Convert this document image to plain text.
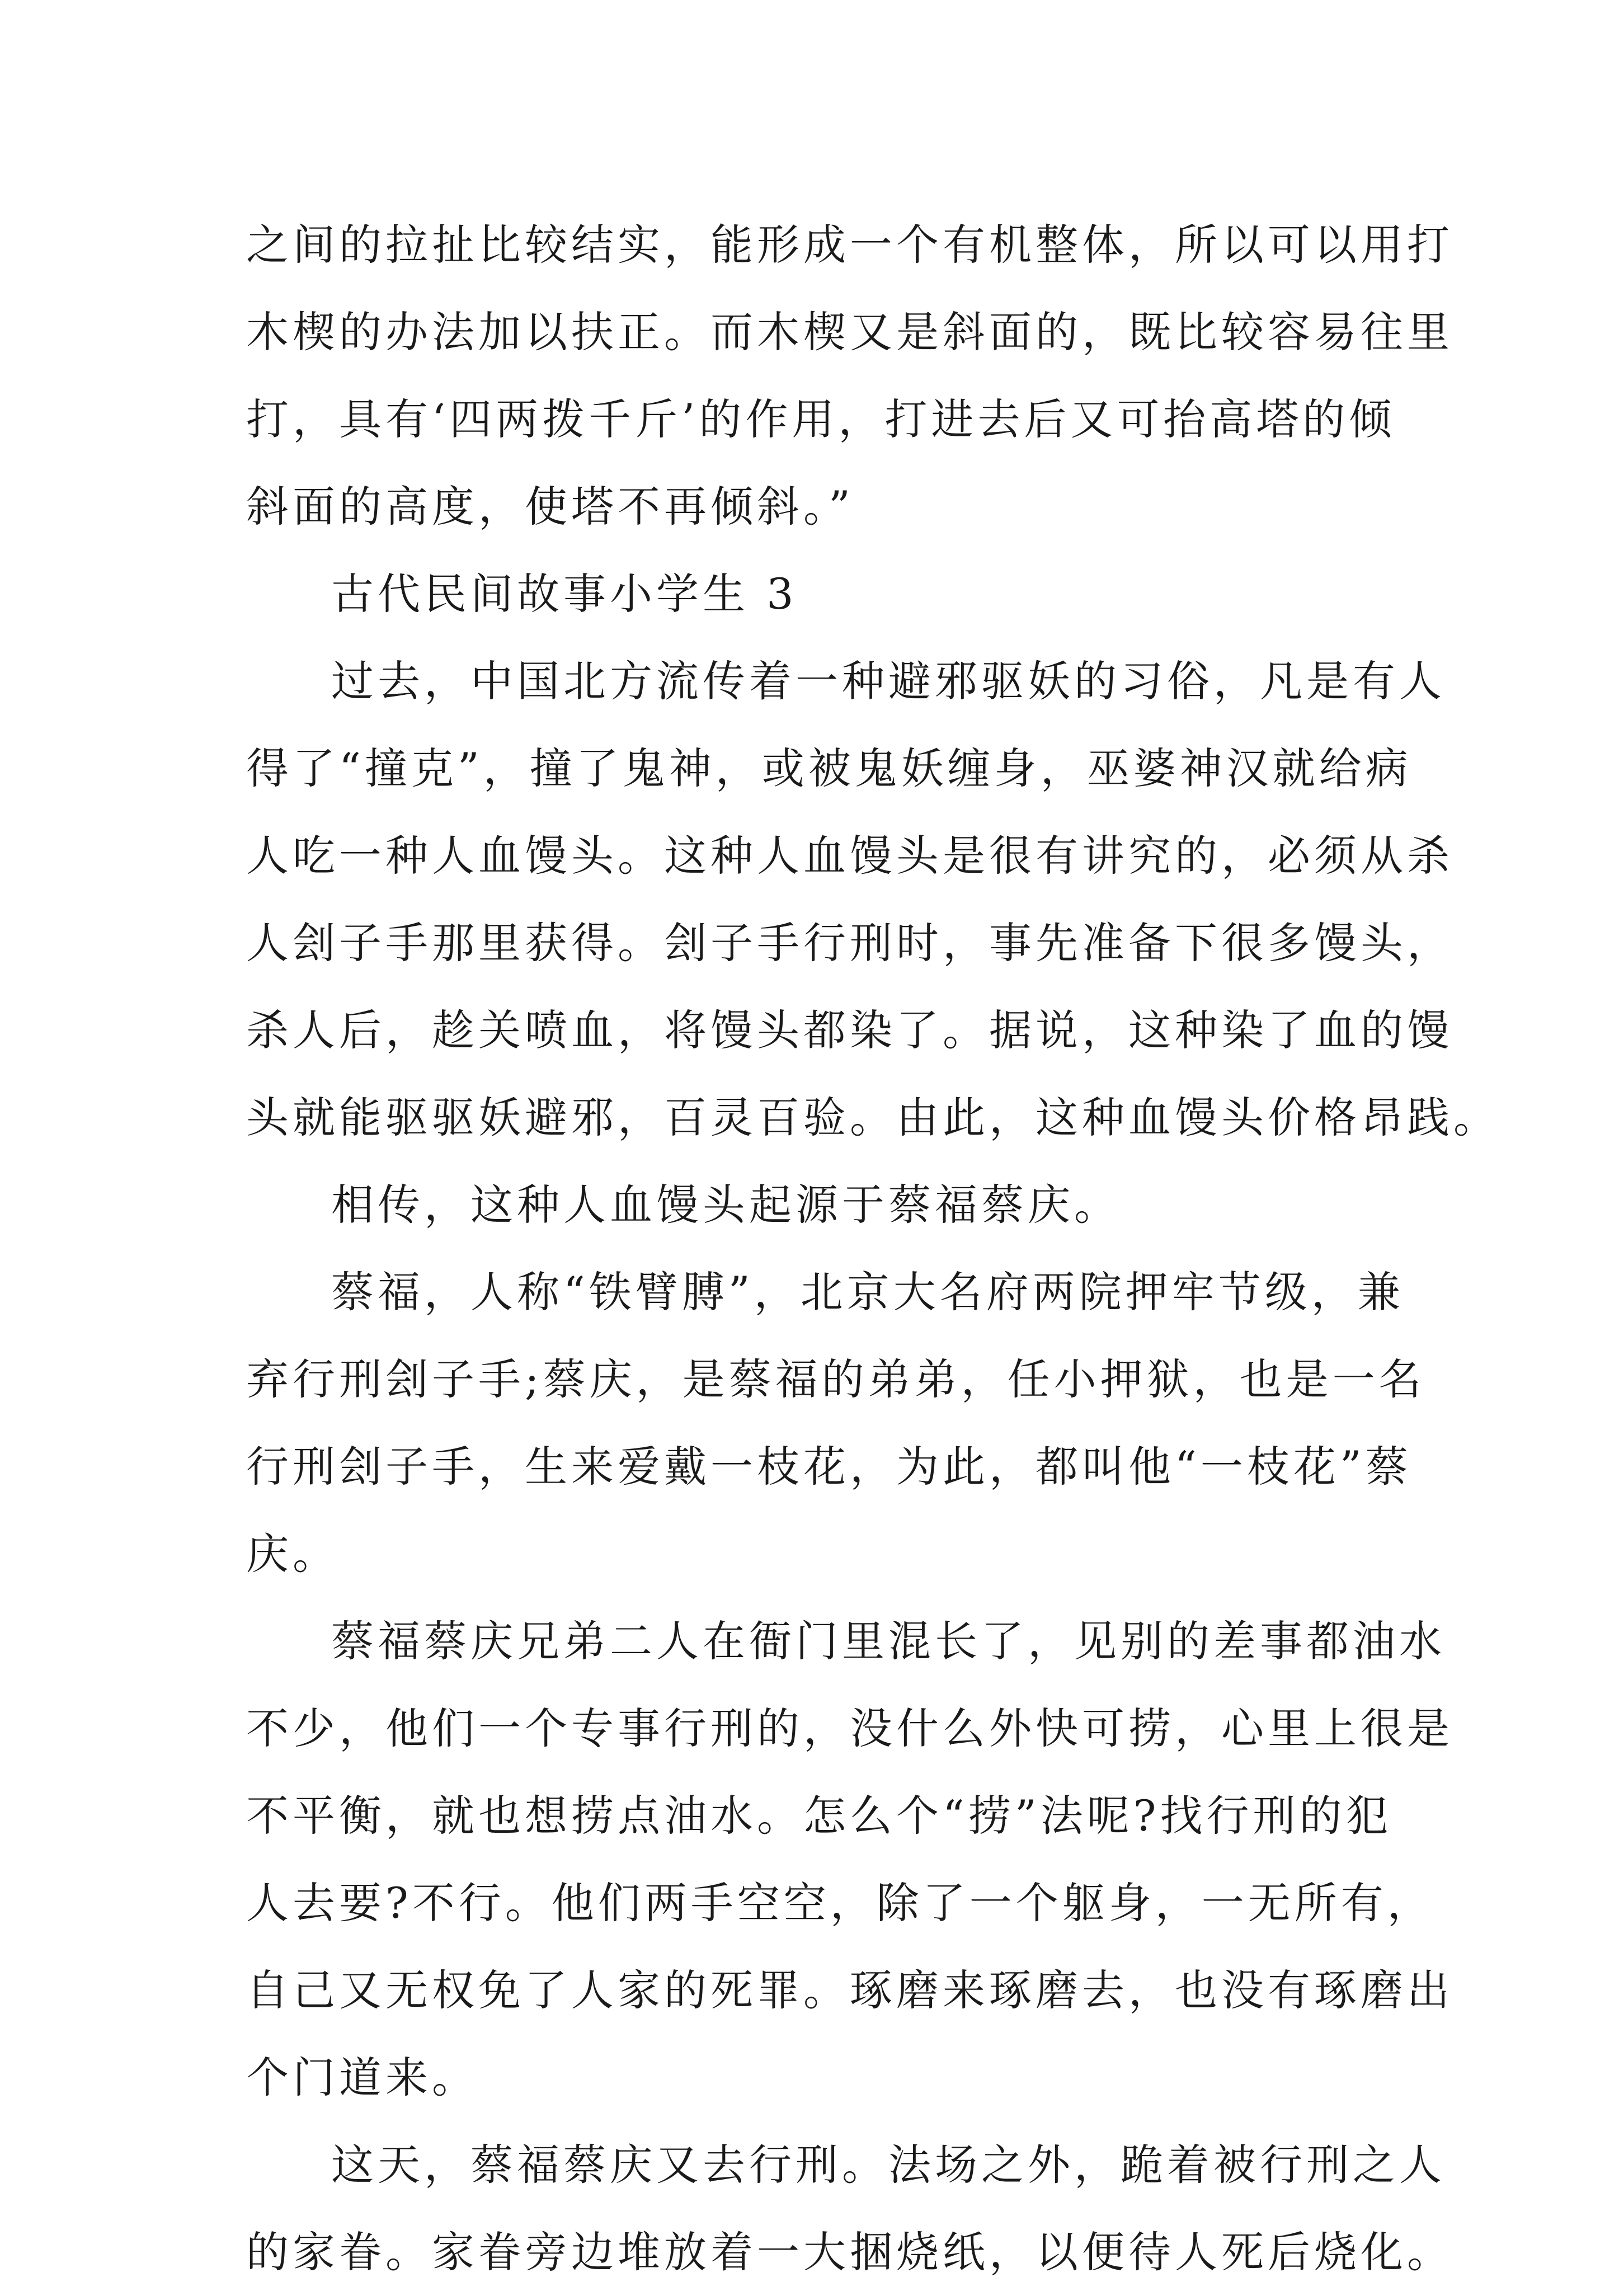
之间的拉扯比较结实，能形成一个有机整体，所以可以用打
木楔的办法加以扶正。而木楔又是斜面的，既比较容易往里
打，具有‘四两拨千斤’的作用，打进去后又可抬高塔的倾
斜面的高度，使塔不再倾斜。”
古代民间故事小学生 3
过去，中国北方流传着一种避邪驱妖的习俗，凡是有人
得了“撞克”，撞了鬼神，或被鬼妖缠身，巫婆神汉就给病
人吃一种人血馒头。这种人血馒头是很有讲究的，必须从杀
人刽子手那里获得。刽子手行刑时，事先准备下很多馒头，
杀人后，趁关喷血，将馒头都染了。据说，这种染了血的馒
头就能驱驱妖避邪，百灵百验。由此，这种血馒头价格昂践。
相传，这种人血馒头起源于蔡福蔡庆。
蔡福，人称“铁臂膊”，北京大名府两院押牢节级，兼
弃行刑刽子手;蔡庆，是蔡福的弟弟，任小押狱，也是一名
行刑刽子手，生来爱戴一枝花，为此，都叫他“一枝花”蔡
庆。
蔡福蔡庆兄弟二人在衙门里混长了，见别的差事都油水
不少，他们一个专事行刑的，没什么外快可捞，心里上很是
不平衡，就也想捞点油水。怎么个“捞”法呢?找行刑的犯
人去要?不行。他们两手空空，除了一个躯身，一无所有，
自己又无权免了人家的死罪。琢磨来琢磨去，也没有琢磨出
个门道来。
这天，蔡福蔡庆又去行刑。法场之外，跪着被行刑之人
的家眷。家眷旁边堆放着一大捆烧纸，以便待人死后烧化。
